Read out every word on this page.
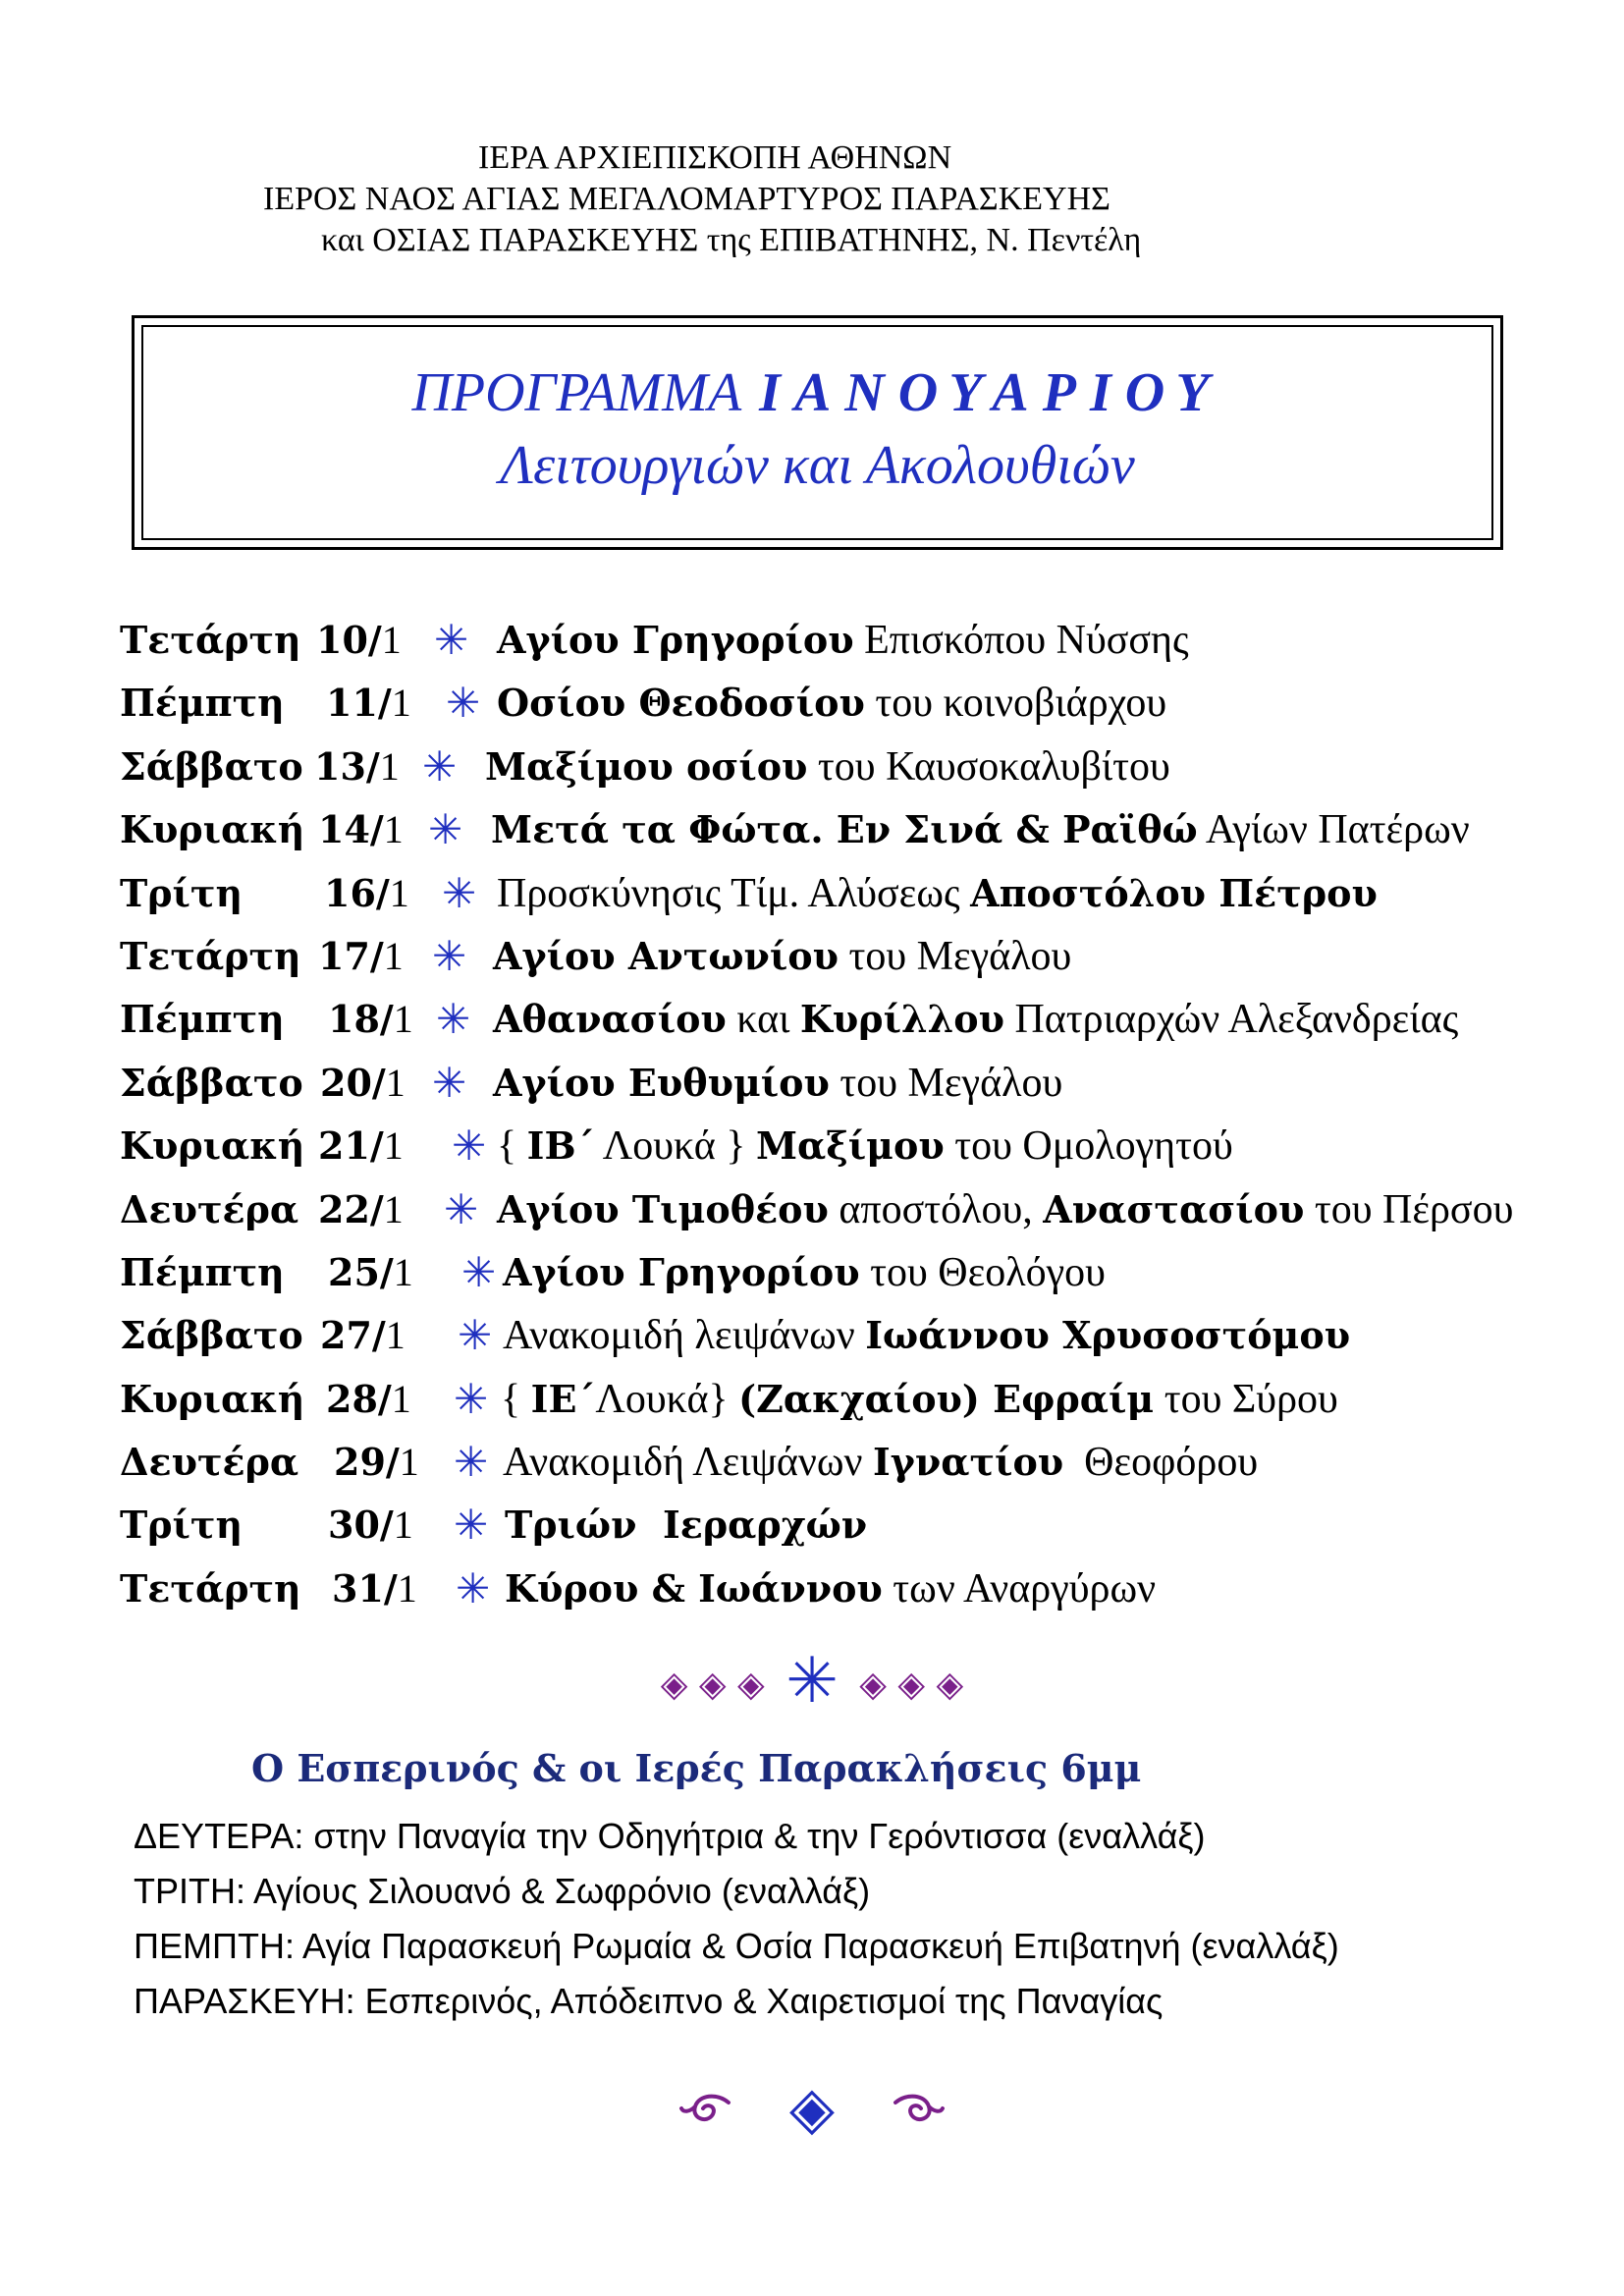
ΙΕΡΑ ΑΡΧΙΕΠΙΣΚΟΠΗ ΑΘΗΝΩΝ
ΙΕΡΟΣ ΝΑΟΣ ΑΓΙΑΣ ΜΕΓΑΛΟΜΑΡΤΥΡΟΣ ΠΑΡΑΣΚΕΥΗΣ
και ΟΣΙΑΣ ΠΑΡΑΣΚΕΥΗΣ της ΕΠΙΒΑΤΗΝΗΣ, Ν. Πεντέλη
ΠΡΟΓΡΑΜΜΑ ΙΑΝΟΥΑΡΙΟΥ
Λειτουργιών και Ακολουθιών
Τετάρτη 10/1 ✳ Αγίου Γρηγορίου Επισκόπου Νύσσης
Πέμπτη 11/1 ✳ Οσίου Θεοδοσίου του κοινοβιάρχου
Σάββατο 13/1 ✳ Μαξίμου οσίου του Καυσοκαλυβίτου
Κυριακή 14/1 ✳ Μετά τα Φώτα. Εν Σινά & Ραϊθώ Αγίων Πατέρων
Τρίτη 16/1 ✳ Προσκύνησις Τίμ. Αλύσεως Αποστόλου Πέτρου
Τετάρτη 17/1 ✳ Αγίου Αντωνίου του Μεγάλου
Πέμπτη 18/1 ✳ Αθανασίου και Κυρίλλου Πατριαρχών Αλεξανδρείας
Σάββατο 20/1 ✳ Αγίου Ευθυμίου του Μεγάλου
Κυριακή 21/1 ✳ { ΙΒ΄ Λουκά } Μαξίμου του Ομολογητού
Δευτέρα 22/1 ✳ Αγίου Τιμοθέου αποστόλου, Αναστασίου του Πέρσου
Πέμπτη 25/1 ✳ Αγίου Γρηγορίου του Θεολόγου
Σάββατο 27/1 ✳ Ανακομιδή λειψάνων Ιωάννου Χρυσοστόμου
Κυριακή 28/1 ✳ { ΙΕ΄Λουκά} (Ζακχαίου) Εφραίμ του Σύρου
Δευτέρα 29/1 ✳ Ανακομιδή Λειψάνων Ιγνατίου  Θεοφόρου
Τρίτη 30/1 ✳ Τριών  Ιεραρχών
Τετάρτη 31/1 ✳ Κύρου & Ιωάννου των Αναργύρων
◈ ◈ ◈ ✳ ◈ ◈ ◈
Ο Εσπερινός & οι Ιερές Παρακλήσεις 6μμ
ΔΕΥΤΕΡΑ: στην Παναγία την Οδηγήτρια & την Γερόντισσα (εναλλάξ)
ΤΡΙΤΗ: Αγίους Σιλουανό & Σωφρόνιο (εναλλάξ)
ΠΕΜΠΤΗ: Αγία Παρασκευή Ρωμαία & Οσία Παρασκευή Επιβατηνή (εναλλάξ)
ΠΑΡΑΣΚΕΥΗ: Εσπερινός, Απόδειπνο & Χαιρετισμοί της Παναγίας
◈
